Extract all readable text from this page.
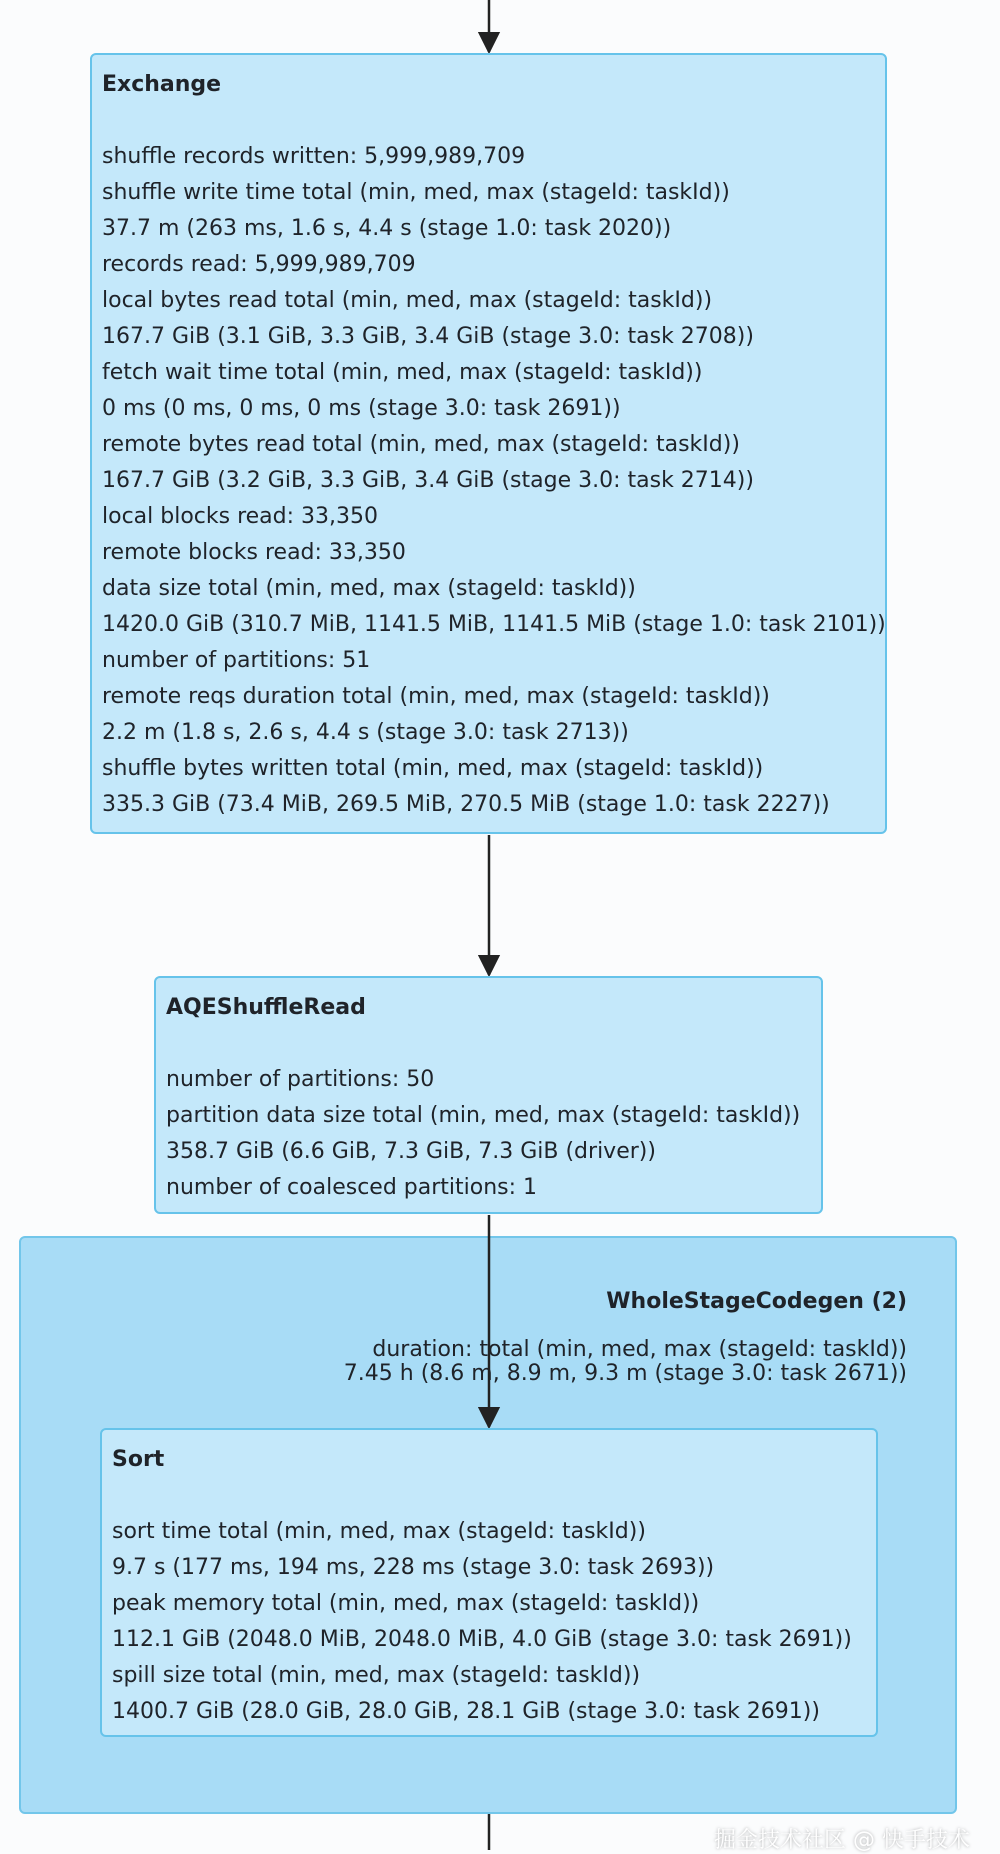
WholeStageCodegen (2)
duration: total (min, med, max (stageId: taskId))
7.45 h (8.6 m, 8.9 m, 9.3 m (stage 3.0: task 2671))
Exchange
shuffle records written: 5,999,989,709
shuffle write time total (min, med, max (stageId: taskId))
37.7 m (263 ms, 1.6 s, 4.4 s (stage 1.0: task 2020))
records read: 5,999,989,709
local bytes read total (min, med, max (stageId: taskId))
167.7 GiB (3.1 GiB, 3.3 GiB, 3.4 GiB (stage 3.0: task 2708))
fetch wait time total (min, med, max (stageId: taskId))
0 ms (0 ms, 0 ms, 0 ms (stage 3.0: task 2691))
remote bytes read total (min, med, max (stageId: taskId))
167.7 GiB (3.2 GiB, 3.3 GiB, 3.4 GiB (stage 3.0: task 2714))
local blocks read: 33,350
remote blocks read: 33,350
data size total (min, med, max (stageId: taskId))
1420.0 GiB (310.7 MiB, 1141.5 MiB, 1141.5 MiB (stage 1.0: task 2101))
number of partitions: 51
remote reqs duration total (min, med, max (stageId: taskId))
2.2 m (1.8 s, 2.6 s, 4.4 s (stage 3.0: task 2713))
shuffle bytes written total (min, med, max (stageId: taskId))
335.3 GiB (73.4 MiB, 269.5 MiB, 270.5 MiB (stage 1.0: task 2227))
AQEShuffleRead
number of partitions: 50
partition data size total (min, med, max (stageId: taskId))
358.7 GiB (6.6 GiB, 7.3 GiB, 7.3 GiB (driver))
number of coalesced partitions: 1
Sort
sort time total (min, med, max (stageId: taskId))
9.7 s (177 ms, 194 ms, 228 ms (stage 3.0: task 2693))
peak memory total (min, med, max (stageId: taskId))
112.1 GiB (2048.0 MiB, 2048.0 MiB, 4.0 GiB (stage 3.0: task 2691))
spill size total (min, med, max (stageId: taskId))
1400.7 GiB (28.0 GiB, 28.0 GiB, 28.1 GiB (stage 3.0: task 2691))
掘金技术社区 @ 快手技术
